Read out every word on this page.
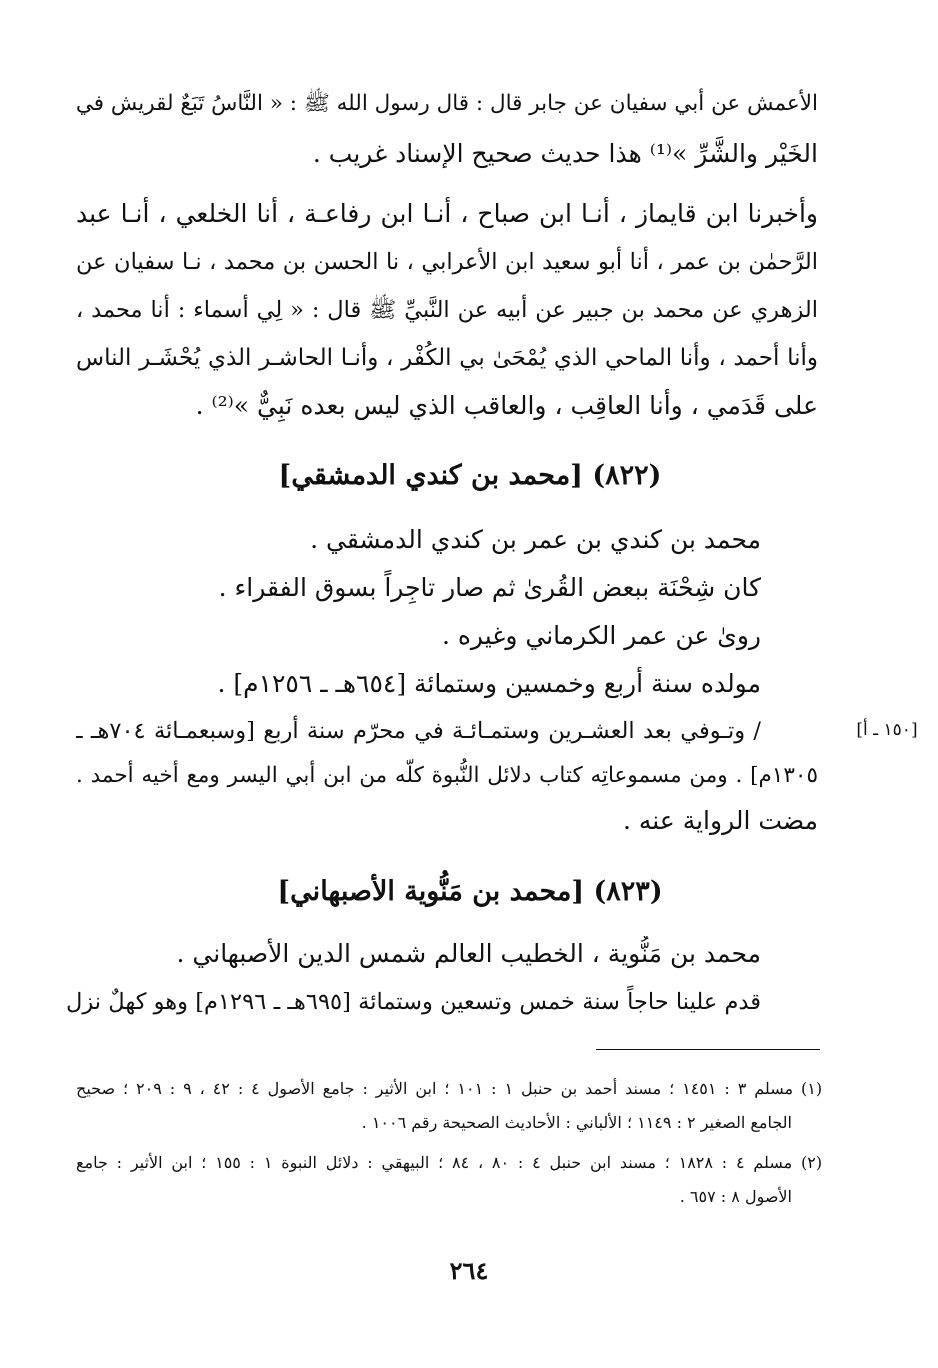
الأعمش عن أبي سفيان عن جابر قال : قال رسول الله ﷺ : « النَّاسُ تَبَعٌ لقريش في
الخَيْر والشَّرِّ »⁽¹⁾ هذا حديث صحيح الإسناد غريب .
وأخبرنا ابن قايماز ، أنـا ابن صباح ، أنـا ابن رفاعـة ، أنا الخلعي ، أنـا عبد
الرَّحمٰن بن عمر ، أنا أبو سعيد ابن الأعرابي ، نا الحسن بن محمد ، نـا سفيان عن
الزهري عن محمد بن جبير عن أبيه عن النَّبيِّ ﷺ قال : « لِي أسماء : أنا محمد ،
وأنا أحمد ، وأنا الماحي الذي يُمْحَىٰ بي الكُفْر ، وأنـا الحاشـر الذي يُحْشَـر الناس
على قَدَمي ، وأنا العاقِب ، والعاقب الذي ليس بعده نَبِيٌّ »⁽²⁾ .
(٨٢٢) [محمد بن كندي الدمشقي]
محمد بن كندي بن عمر بن كندي الدمشقي .
كان شِحْنَة ببعض القُرىٰ ثم صار تاجِراً بسوق الفقراء .
روىٰ عن عمر الكرماني وغيره .
مولده سنة أربع وخمسين وستمائة [٦٥٤هـ ـ ١٢٥٦م] .
/ وتـوفي بعد العشـرين وستمـائـة في محرّم سنة أربع [وسبعمـائة ٧٠٤هـ ـ
١٣٠٥م] . ومن مسموعاتِه كتاب دلائل النُّبوة كلّه من ابن أبي اليسر ومع أخيه أحمد .
مضت الرواية عنه .
[١٥٠ ـ أ]
(٨٢٣) [محمد بن مَنُّوية الأصبهاني]
محمد بن مَنُّوية ، الخطيب العالم شمس الدين الأصبهاني .
قدم علينا حاجاً سنة خمس وتسعين وستمائة [٦٩٥هـ ـ ١٢٩٦م] وهو كهلٌ نزل
(١) مسلم ٣ : ١٤٥١ ؛ مسند أحمد بن حنبل ١ : ١٠١ ؛ ابن الأثير : جامع الأصول ٤ : ٤٢ ، ٩ : ٢٠٩ ؛ صحيح
الجامع الصغير ٢ : ١١٤٩ ؛ الألباني : الأحاديث الصحيحة رقم ١٠٠٦ .
(٢) مسلم ٤ : ١٨٢٨ ؛ مسند ابن حنبل ٤ : ٨٠ ، ٨٤ ؛ البيهقي : دلائل النبوة ١ : ١٥٥ ؛ ابن الأثير : جامع
الأصول ٨ : ٦٥٧ .
٢٦٤
